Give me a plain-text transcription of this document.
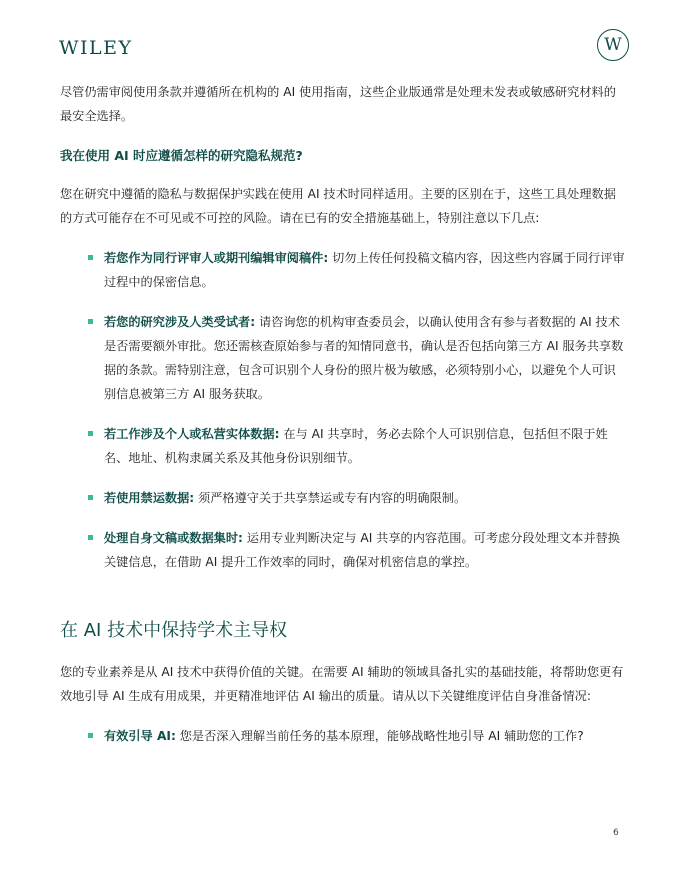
WILEY	W

尽管仍需审阅使用条款并遵循所在机构的 AI 使用指南，这些企业版通常是处理未发表或敏感研究材料的最安全选择。

我在使用 AI 时应遵循怎样的研究隐私规范?

您在研究中遵循的隐私与数据保护实践在使用 AI 技术时同样适用。主要的区别在于，这些工具处理数据的方式可能存在不可见或不可控的风险。请在已有的安全措施基础上，特别注意以下几点:

若您作为同行评审人或期刊编辑审阅稿件: 切勿上传任何投稿文稿内容，因这些内容属于同行评审过程中的保密信息。
若您的研究涉及人类受试者: 请咨询您的机构审查委员会，以确认使用含有参与者数据的 AI 技术是否需要额外审批。您还需核查原始参与者的知情同意书，确认是否包括向第三方 AI 服务共享数据的条款。需特别注意，包含可识别个人身份的照片极为敏感，必须特别小心，以避免个人可识别信息被第三方 AI 服务获取。
若工作涉及个人或私营实体数据: 在与 AI 共享时，务必去除个人可识别信息，包括但不限于姓名、地址、机构隶属关系及其他身份识别细节。
若使用禁运数据: 须严格遵守关于共享禁运或专有内容的明确限制。
处理自身文稿或数据集时: 运用专业判断决定与 AI 共享的内容范围。可考虑分段处理文本并替换关键信息，在借助 AI 提升工作效率的同时，确保对机密信息的掌控。
在 AI 技术中保持学术主导权

您的专业素养是从 AI 技术中获得价值的关键。在需要 AI 辅助的领域具备扎实的基础技能，将帮助您更有效地引导 AI 生成有用成果，并更精准地评估 AI 输出的质量。请从以下关键维度评估自身准备情况:

有效引导 AI: 您是否深入理解当前任务的基本原理，能够战略性地引导 AI 辅助您的工作?
6
